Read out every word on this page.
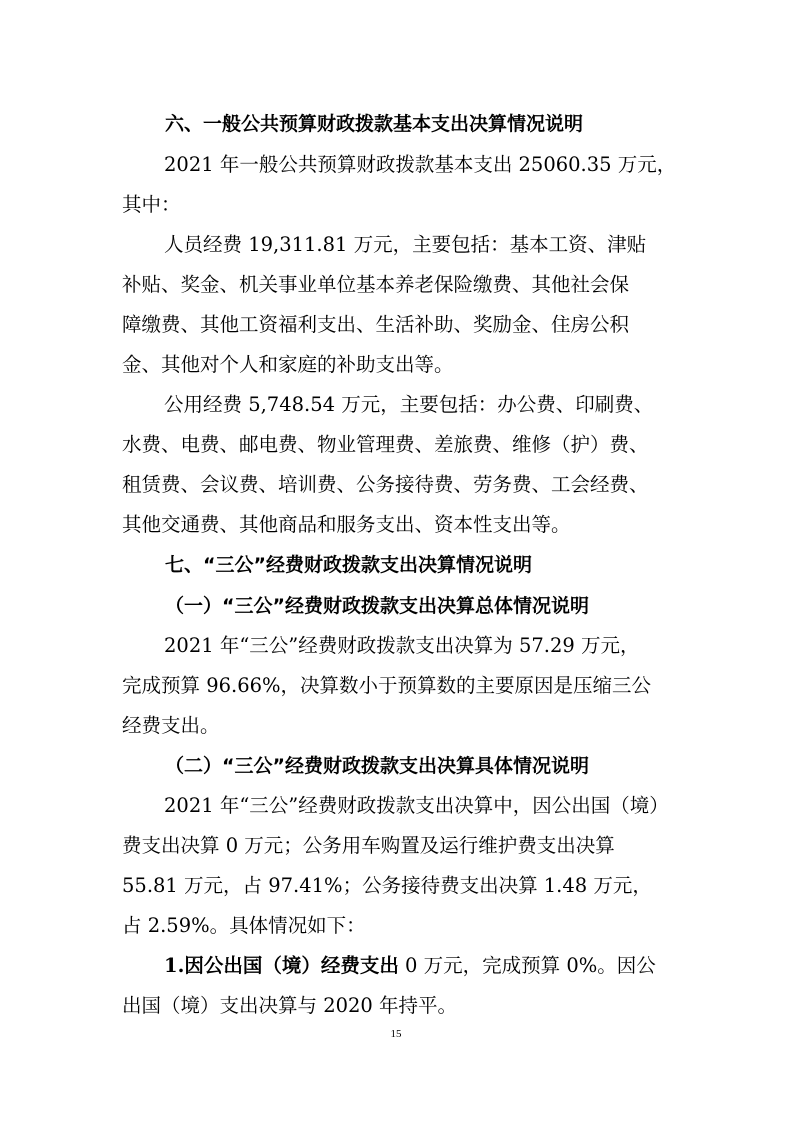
六、一般公共预算财政拨款基本支出决算情况说明
2021 年一般公共预算财政拨款基本支出 25060.35 万元，
其中：
人员经费 19,311.81 万元，主要包括：基本工资、津贴
补贴、奖金、机关事业单位基本养老保险缴费、其他社会保
障缴费、其他工资福利支出、生活补助、奖励金、住房公积
金、其他对个人和家庭的补助支出等。
公用经费 5,748.54 万元，主要包括：办公费、印刷费、
水费、电费、邮电费、物业管理费、差旅费、维修（护）费、
租赁费、会议费、培训费、公务接待费、劳务费、工会经费、
其他交通费、其他商品和服务支出、资本性支出等。
七、“三公”经费财政拨款支出决算情况说明
（一）“三公”经费财政拨款支出决算总体情况说明
2021 年“三公”经费财政拨款支出决算为 57.29 万元，
完成预算 96.66%，决算数小于预算数的主要原因是压缩三公
经费支出。
（二）“三公”经费财政拨款支出决算具体情况说明
2021 年“三公”经费财政拨款支出决算中，因公出国（境）
费支出决算 0 万元；公务用车购置及运行维护费支出决算
55.81 万元，占 97.41%；公务接待费支出决算 1.48 万元，
占 2.59%。具体情况如下：
1.因公出国（境）经费支出 0 万元，完成预算 0%。因公
出国（境）支出决算与 2020 年持平。
15
